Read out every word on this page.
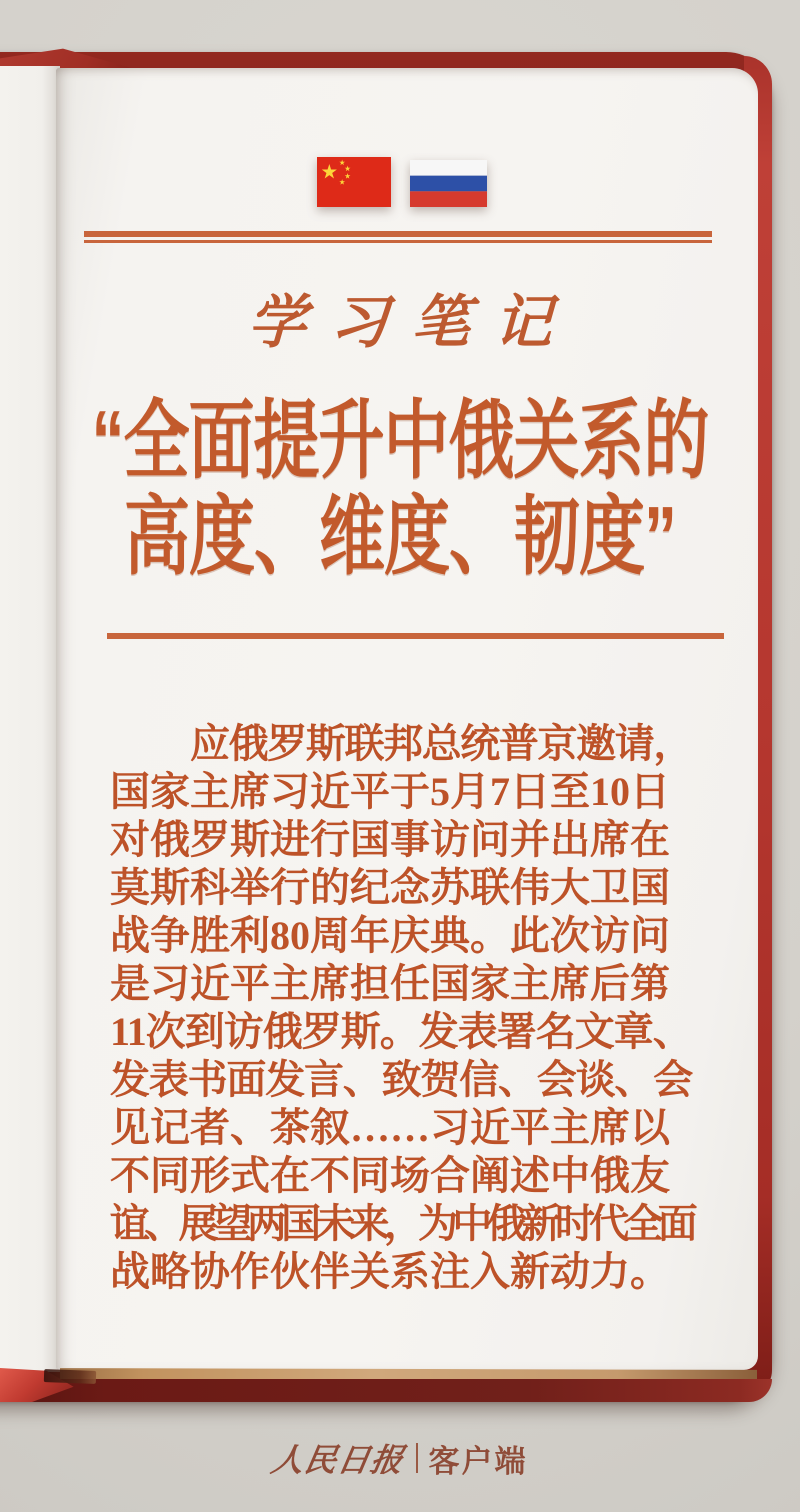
学习笔记
“全面提升中俄关系的
高度、维度、韧度”
应俄罗斯联邦总统普京邀请，
国家主席习近平于5月7日至10日
对俄罗斯进行国事访问并出席在
莫斯科举行的纪念苏联伟大卫国
战争胜利80周年庆典。此次访问
是习近平主席担任国家主席后第
11次到访俄罗斯。发表署名文章、
发表书面发言、致贺信、会谈、会
见记者、茶叙……习近平主席以
不同形式在不同场合阐述中俄友
谊、展望两国未来，为中俄新时代全面
战略协作伙伴关系注入新动力。
人民日报 客户端
